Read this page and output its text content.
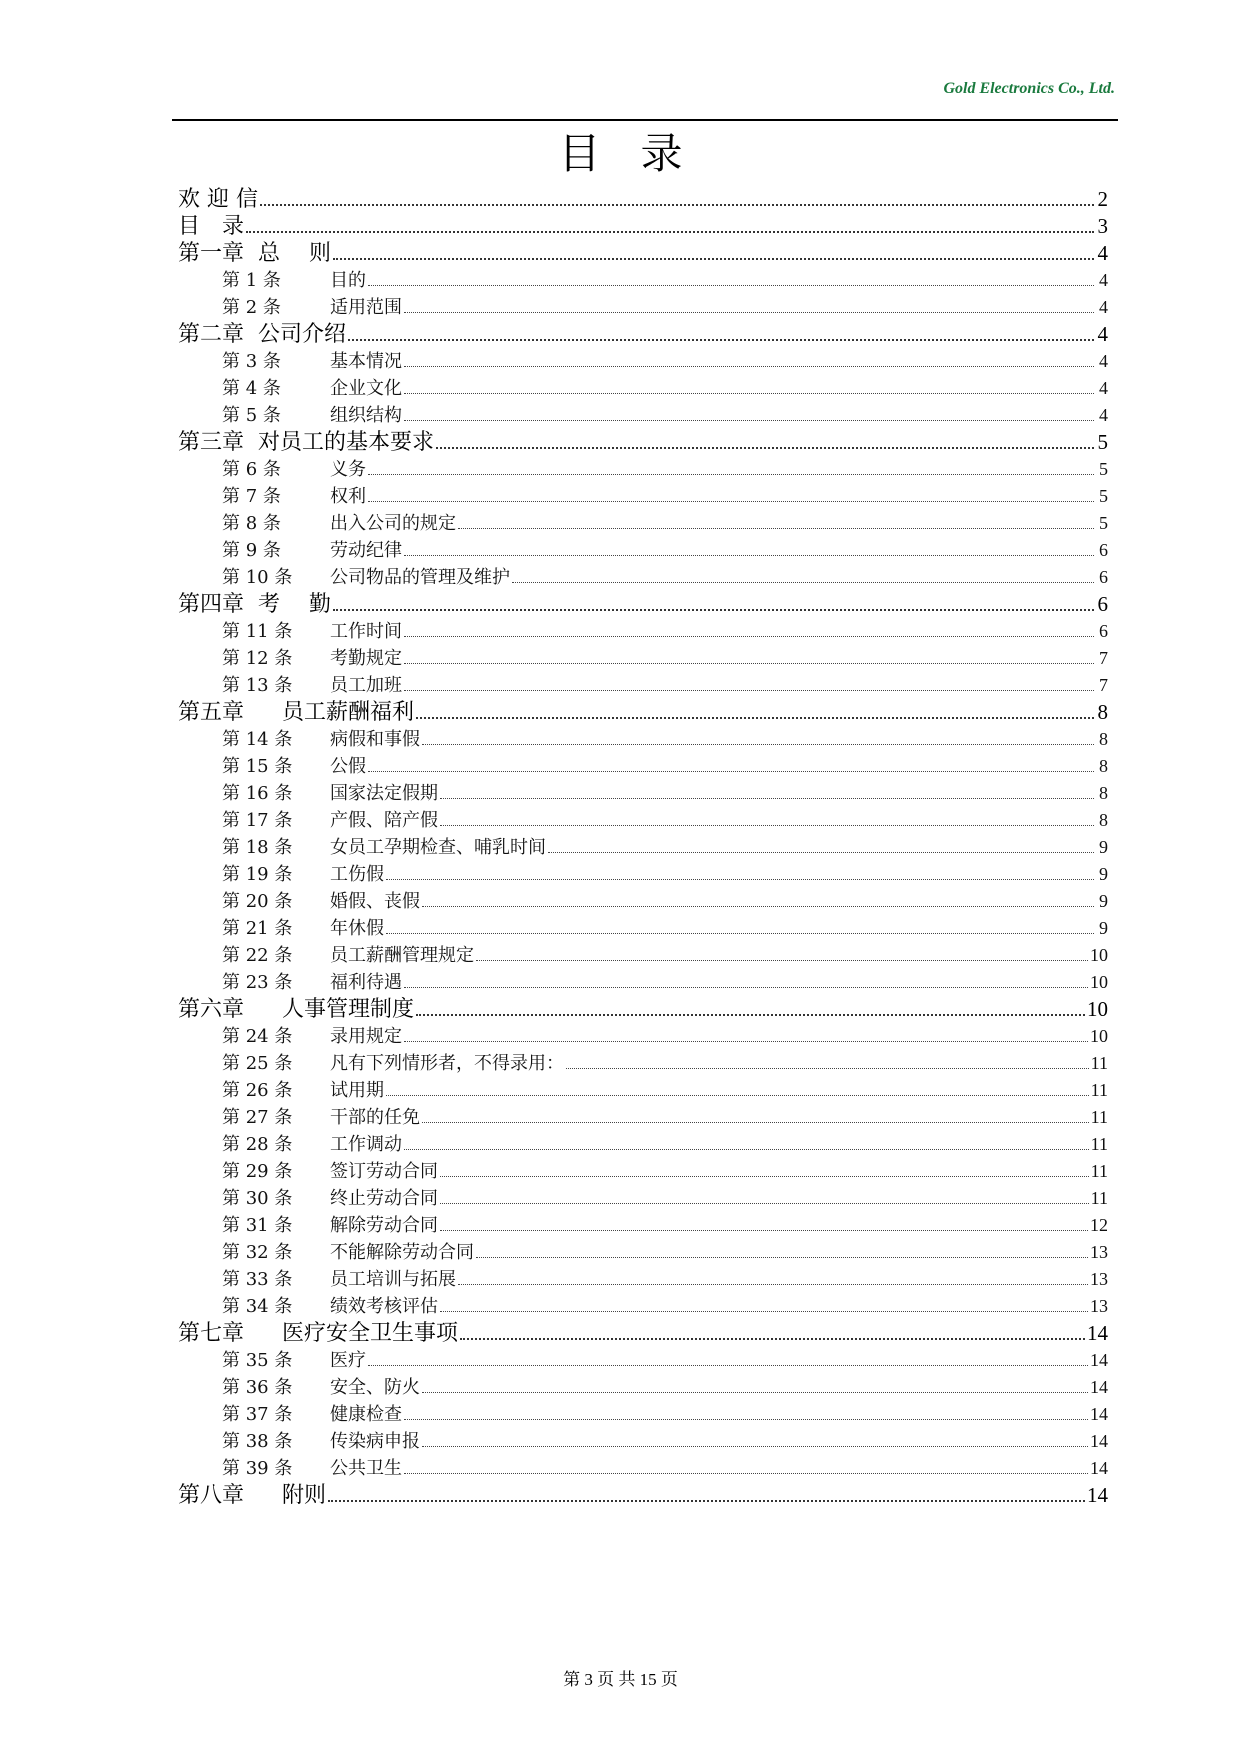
Gold Electronics Co., Ltd.
目录
欢 迎 信	2
目　录	3
第一章 总　 则	4
第 1 条	目的	4
第 2 条	适用范围	4
第二章 公司介绍	4
第 3 条	基本情况	4
第 4 条	企业文化	4
第 5 条	组织结构	4
第三章 对员工的基本要求	5
第 6 条	义务	5
第 7 条	权利	5
第 8 条	出入公司的规定	5
第 9 条	劳动纪律	6
第 10 条	公司物品的管理及维护	6
第四章 考　 勤	6
第 11 条	工作时间	6
第 12 条	考勤规定	7
第 13 条	员工加班	7
第五章 员工薪酬福利	8
第 14 条	病假和事假	8
第 15 条	公假	8
第 16 条	国家法定假期	8
第 17 条	产假、陪产假	8
第 18 条	女员工孕期检查、哺乳时间	9
第 19 条	工伤假	9
第 20 条	婚假、丧假	9
第 21 条	年休假	9
第 22 条	员工薪酬管理规定	10
第 23 条	福利待遇	10
第六章 人事管理制度	10
第 24 条	录用规定	10
第 25 条	凡有下列情形者，不得录用：	11
第 26 条	试用期	11
第 27 条	干部的任免	11
第 28 条	工作调动	11
第 29 条	签订劳动合同	11
第 30 条	终止劳动合同	11
第 31 条	解除劳动合同	12
第 32 条	不能解除劳动合同	13
第 33 条	员工培训与拓展	13
第 34 条	绩效考核评估	13
第七章 医疗安全卫生事项	14
第 35 条	医疗	14
第 36 条	安全、防火	14
第 37 条	健康检查	14
第 38 条	传染病申报	14
第 39 条	公共卫生	14
第八章 附则	14
第 3 页 共 15 页
